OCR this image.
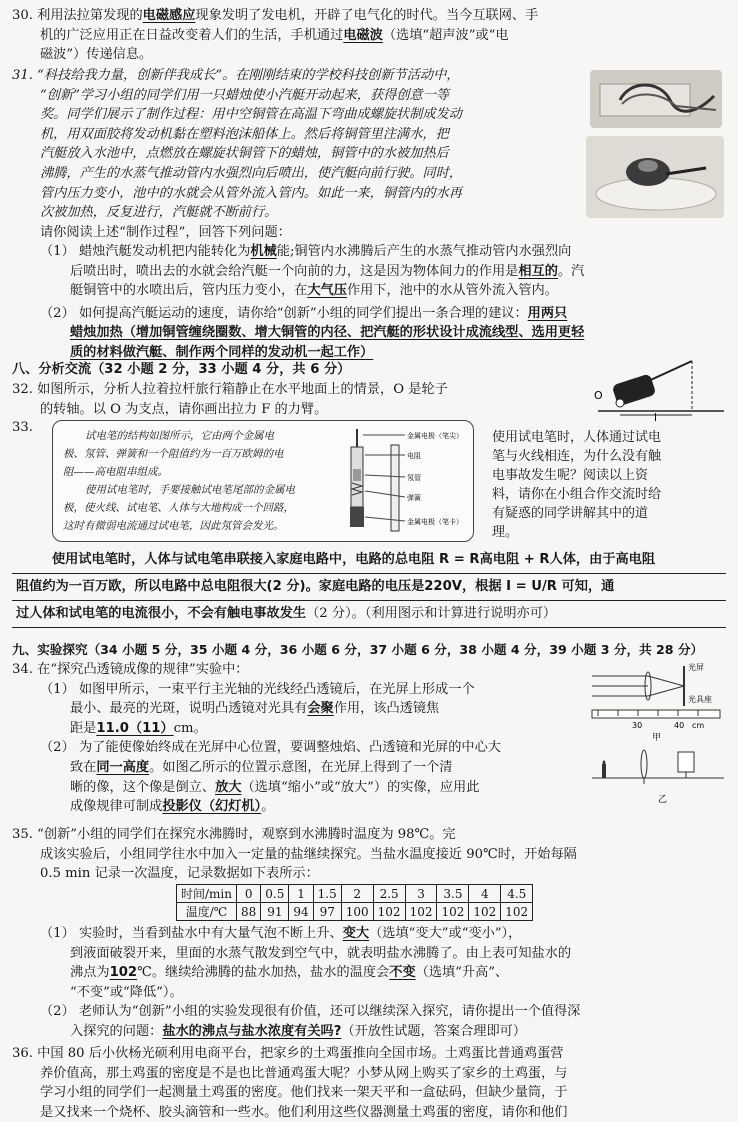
30. 利用法拉第发现的电磁感应现象发明了发电机，开辟了电气化的时代。当今互联网、手
机的广泛应用正在日益改变着人们的生活，手机通过电磁波（选填“超声波”或“电
磁波”）传递信息。
31. “科技给我力量，创新伴我成长”。在刚刚结束的学校科技创新节活动中，
“创新”学习小组的同学们用一只蜡烛使小汽艇开动起来，获得创意一等
奖。同学们展示了制作过程：用中空铜管在高温下弯曲成螺旋状制成发动
机，用双面胶将发动机黏在塑料泡沫船体上。然后将铜管里注满水，把
汽艇放入水池中，点燃放在螺旋状铜管下的蜡烛，铜管中的水被加热后
沸腾，产生的水蒸气推动管内水强烈向后喷出，使汽艇向前行驶。同时，
管内压力变小，池中的水就会从管外流入管内。如此一来，铜管内的水再
次被加热，反复进行，汽艇就不断前行。
请你阅读上述“制作过程”，回答下列问题：
（1） 蜡烛汽艇发动机把内能转化为机械能;铜管内水沸腾后产生的水蒸气推动管内水强烈向
后喷出时，喷出去的水就会给汽艇一个向前的力，这是因为物体间力的作用是相互的。汽
艇铜管中的水喷出后，管内压力变小，在大气压作用下，池中的水从管外流入管内。
（2） 如何提高汽艇运动的速度，请你给“创新”小组的同学们提出一条合理的建议：用两只
蜡烛加热（增加铜管缠绕圈数、增大铜管的内径、把汽艇的形状设计成流线型、选用更轻
质的材料做汽艇、制作两个同样的发动机一起工作）
八、分析交流（32 小题 2 分，33 小题 4 分，共 6 分）
32. 如图所示，分析人拉着拉杆旅行箱静止在水平地面上的情景，O 是轮子
的转轴。以 O 为支点，请你画出拉力 F 的力臂。
O
l
33.
试电笔的结构如图所示，它由两个金属电
极、氖管、弹簧和一个阻值约为一百万欧姆的电
阻——高电阻串组成。
使用试电笔时，手要接触试电笔尾部的金属电
极，使火线、试电笔、人体与大地构成一个回路，
这时有微弱电流通过试电笔，因此氖管会发光。
金属电极（笔尖）
电阻
氖管
弹簧
金属电极（笔卡）
使用试电笔时，人体通过试电
笔与火线相连，为什么没有触
电事故发生呢？阅读以上资
料，请你在小组合作交流时给
有疑惑的同学讲解其中的道
理。
使用试电笔时，人体与试电笔串联接入家庭电路中，电路的总电阻 R = R高电阻 + R人体，由于高电阻
阻值约为一百万欧，所以电路中总电阻很大(2 分)。家庭电路的电压是220V，根据 I = U/R 可知，通
过人体和试电笔的电流很小，不会有触电事故发生（2 分）。（利用图示和计算进行说明亦可）
九、实验探究（34 小题 5 分，35 小题 4 分，36 小题 6 分，37 小题 6 分，38 小题 4 分，39 小题 3 分，共 28 分）
34. 在“探究凸透镜成像的规律”实验中：
（1） 如图甲所示，一束平行主光轴的光线经凸透镜后，在光屏上形成一个
最小、最亮的光斑，说明凸透镜对光具有会聚作用，该凸透镜焦
距是11.0（11）cm。
（2） 为了能使像始终成在光屏中心位置，要调整烛焰、凸透镜和光屏的中心大
致在同一高度。如图乙所示的位置示意图，在光屏上得到了一个清
晰的像，这个像是倒立、放大（选填“缩小”或“放大”）的实像，应用此
成像规律可制成投影仪（幻灯机）。
光屏
光具座
30	40 cm
甲
乙
35. “创新”小组的同学们在探究水沸腾时，观察到水沸腾时温度为 98℃。完
成该实验后，小组同学往水中加入一定量的盐继续探究。当盐水温度接近 90℃时，开始每隔
0.5 min 记录一次温度，记录数据如下表所示：
时间/min	0	0.5	1	1.5	2	2.5	3	3.5	4	4.5
温度/℃	88	91	94	97	100	102	102	102	102	102
（1） 实验时，当看到盐水中有大量气泡不断上升、变大（选填“变大”或“变小”），
到液面破裂开来，里面的水蒸气散发到空气中，就表明盐水沸腾了。由上表可知盐水的
沸点为102℃。继续给沸腾的盐水加热，盐水的温度会不变（选填“升高”、
“不变”或“降低”）。
（2） 老师认为“创新”小组的实验发现很有价值，还可以继续深入探究，请你提出一个值得深
入探究的问题：盐水的沸点与盐水浓度有关吗?（开放性试题，答案合理即可）
36. 中国 80 后小伙杨光硕利用电商平台，把家乡的土鸡蛋推向全国市场。土鸡蛋比普通鸡蛋营
养价值高，那土鸡蛋的密度是不是也比普通鸡蛋大呢？小梦从网上购买了家乡的土鸡蛋，与
学习小组的同学们一起测量土鸡蛋的密度。他们找来一架天平和一盒砝码，但缺少量筒，于
是又找来一个烧杯、胶头滴管和一些水。他们利用这些仪器测量土鸡蛋的密度，请你和他们
